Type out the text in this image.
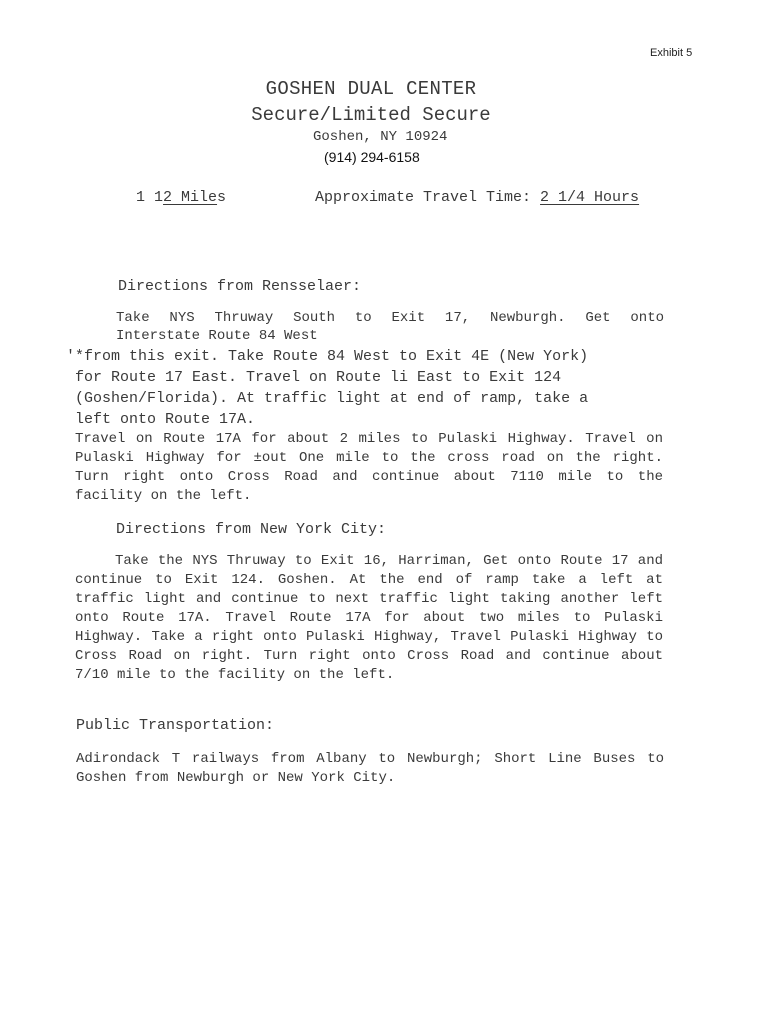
Exhibit 5
GOSHEN DUAL CENTER
Secure/Limited Secure
Goshen, NY 10924
(914) 294-6158
1 12 Miles	Approximate Travel Time: 2 1/4 Hours
Directions from Rensselaer:
Take NYS Thruway South to Exit 17, Newburgh. Get onto
Interstate Route 84 West
'*from this exit. Take Route 84 West to Exit 4E (New York)
for Route 17 East. Travel on Route li East to Exit 124
(Goshen/Florida). At traffic light at end of ramp, take a
left onto Route 17A.
Travel on Route 17A for about 2 miles to Pulaski Highway. Travel on Pulaski Highway for ±out One mile to the cross road on the right. Turn right onto Cross Road and continue about 7110 mile to the facility on the left.
Directions from New York City:
Take the NYS Thruway to Exit 16, Harriman, Get onto Route 17 and continue to Exit 124. Goshen. At the end of ramp take a left at traffic light and continue to next traffic light taking another left onto Route 17A. Travel Route 17A for about two miles to Pulaski Highway. Take a right onto Pulaski Highway, Travel Pulaski Highway to Cross Road on right. Turn right onto Cross Road and continue about 7/10 mile to the facility on the left.
Public Transportation:
Adirondack T railways from Albany to Newburgh; Short Line Buses to Goshen from Newburgh or New York City.
